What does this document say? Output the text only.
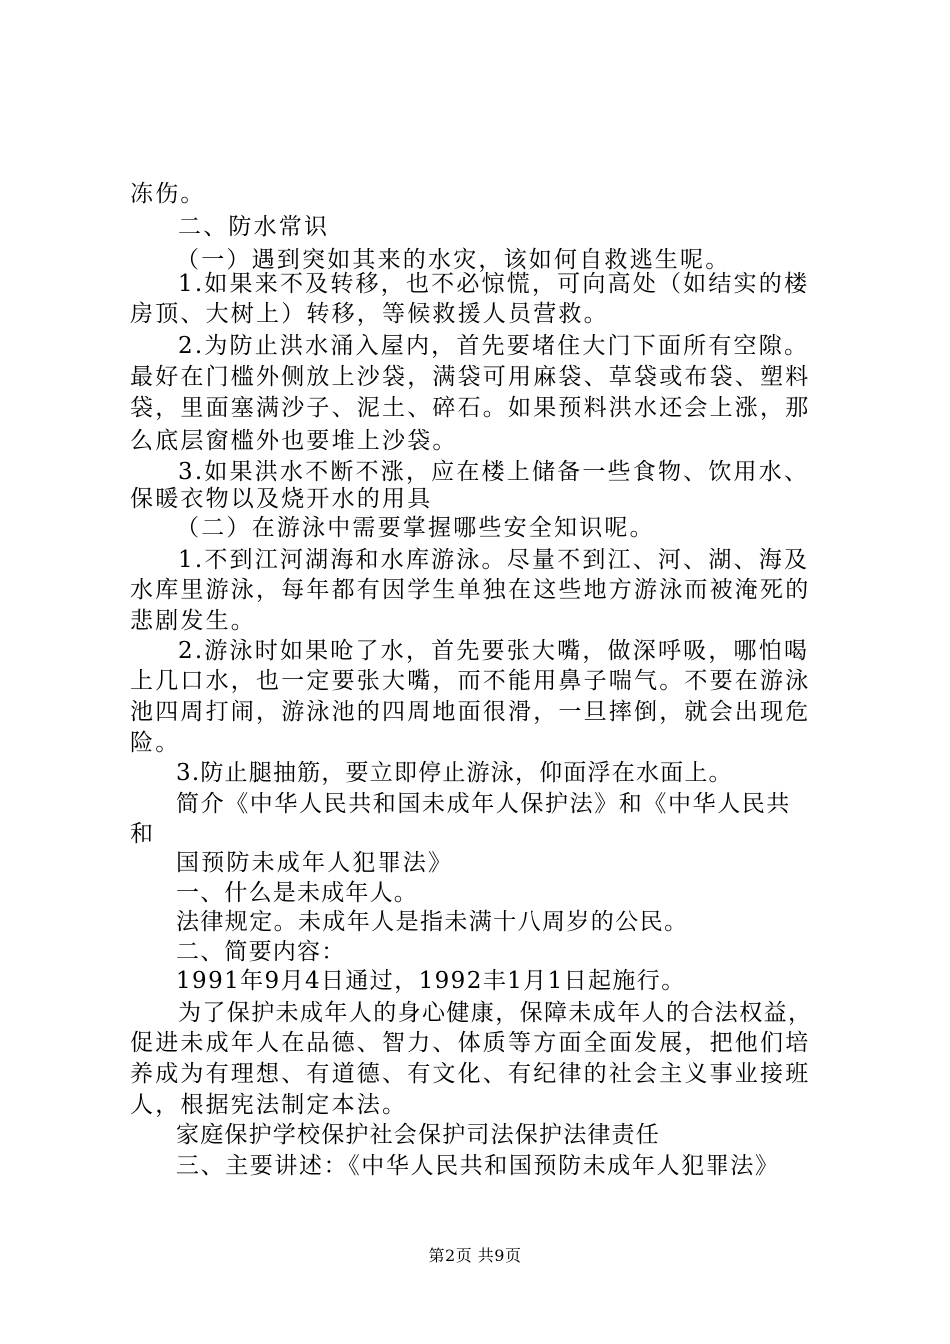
冻伤。
二、防水常识
（一）遇到突如其来的水灾，该如何自救逃生呢。
1.如果来不及转移，也不必惊慌，可向高处（如结实的楼
房顶、大树上）转移，等候救援人员营救。
2.为防止洪水涌入屋内，首先要堵住大门下面所有空隙。
最好在门槛外侧放上沙袋，满袋可用麻袋、草袋或布袋、塑料
袋，里面塞满沙子、泥土、碎石。如果预料洪水还会上涨，那
么底层窗槛外也要堆上沙袋。
3.如果洪水不断不涨，应在楼上储备一些食物、饮用水、
保暖衣物以及烧开水的用具
（二）在游泳中需要掌握哪些安全知识呢。
1.不到江河湖海和水库游泳。尽量不到江、河、湖、海及
水库里游泳，每年都有因学生单独在这些地方游泳而被淹死的
悲剧发生。
2.游泳时如果呛了水，首先要张大嘴，做深呼吸，哪怕喝
上几口水，也一定要张大嘴，而不能用鼻子喘气。不要在游泳
池四周打闹，游泳池的四周地面很滑，一旦摔倒，就会出现危
险。
3.防止腿抽筋，要立即停止游泳，仰面浮在水面上。
简介《中华人民共和国未成年人保护法》和《中华人民共
和
国预防未成年人犯罪法》
一、什么是未成年人。
法律规定。未成年人是指未满十八周岁的公民。
二、简要内容：
1991年9月4日通过，1992丰1月1日起施行。
为了保护未成年人的身心健康，保障未成年人的合法权益，
促进未成年人在品德、智力、体质等方面全面发展，把他们培
养成为有理想、有道德、有文化、有纪律的社会主义事业接班
人，根据宪法制定本法。
家庭保护学校保护社会保护司法保护法律责任
三、主要讲述：《中华人民共和国预防未成年人犯罪法》
第2页 共9页
